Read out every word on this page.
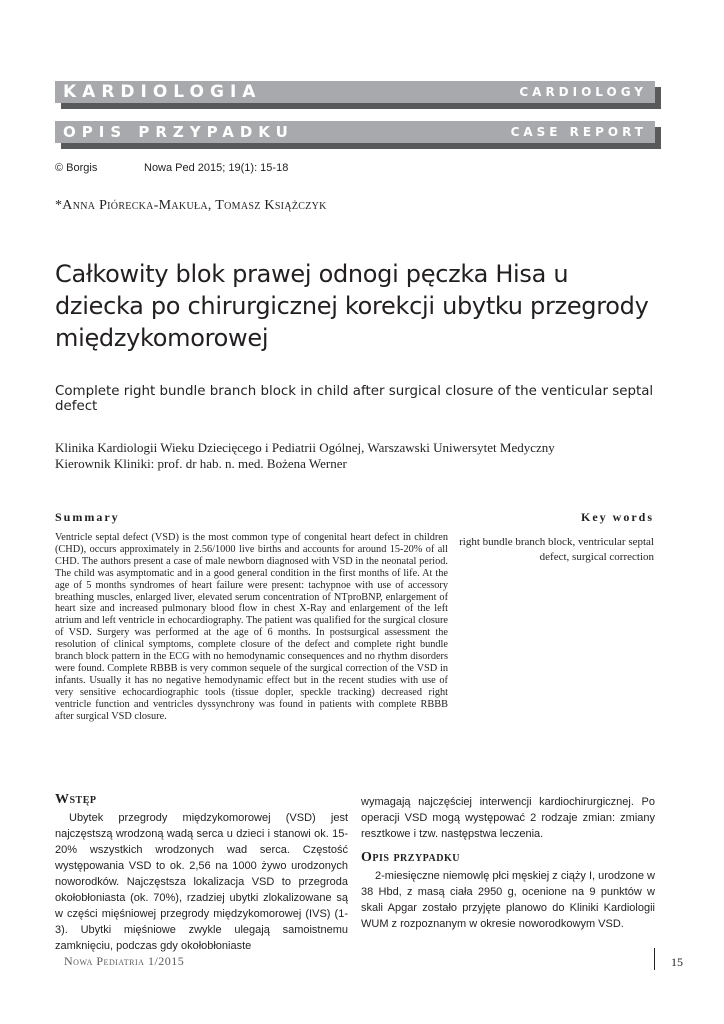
KARDIOLOGIA	CARDIOLOGY
OPIS PRZYPADKU	CASE REPORT
© Borgis	Nowa Ped 2015; 19(1): 15-18
*Anna Piórecka-Makuła, Tomasz Książczyk
Całkowity blok prawej odnogi pęczka Hisa u dziecka po chirurgicznej korekcji ubytku przegrody międzykomorowej
Complete right bundle branch block in child after surgical closure of the venticular septal defect
Klinika Kardiologii Wieku Dziecięcego i Pediatrii Ogólnej, Warszawski Uniwersytet Medyczny
Kierownik Kliniki: prof. dr hab. n. med. Bożena Werner
Summary	Key words

Ventricle septal defect (VSD) is the most common type of congenital heart defect in children (CHD), occurs approximately in 2.56/1000 live births and accounts for around 15-20% of all CHD. The authors present a case of male newborn diagnosed with VSD in the neonatal period. The child was asymptomatic and in a good general condition in the first months of life. At the age of 5 months syndromes of heart failure were present: tachypnoe with use of accessory breathing muscles, enlarged liver, elevated serum concentration of NTproBNP, enlargement of heart size and increased pulmonary blood flow in chest X-Ray and enlargement of the left atrium and left ventricle in echocardiography. The patient was qualified for the surgical closure of VSD. Surgery was performed at the age of 6 months. In postsurgical assessment the resolution of clinical symptoms, complete closure of the defect and complete right bundle branch block pattern in the ECG with no hemodynamic consequences and no rhythm disorders were found. Complete RBBB is very common sequele of the surgical correction of the VSD in infants. Usually it has no negative hemodynamic effect but in the recent studies with use of very sensitive echocardiographic tools (tissue dopler, speckle tracking) decreased right ventricle function and ventricles dyssynchrony was found in patients with complete RBBB after surgical VSD closure.

right bundle branch block, ventricular septal defect, surgical correction

Wstęp

Ubytek przegrody międzykomorowej (VSD) jest najczęstszą wrodzoną wadą serca u dzieci i stanowi ok. 15-20% wszystkich wrodzonych wad serca. Częstość występowania VSD to ok. 2,56 na 1000 żywo urodzonych noworodków. Najczęstsza lokalizacja VSD to przegroda okołobłoniasta (ok. 70%), rzadziej ubytki zlokalizowane są w części mięśniowej przegrody międzykomorowej (IVS) (1-3). Ubytki mięśniowe zwykle ulegają samoistnemu zamknięciu, podczas gdy okołobłoniaste

wymagają najczęściej interwencji kardiochirurgicznej. Po operacji VSD mogą występować 2 rodzaje zmian: zmiany resztkowe i tzw. następstwa leczenia.

Opis przypadku

2-miesięczne niemowlę płci męskiej z ciąży I, urodzone w 38 Hbd, z masą ciała 2950 g, ocenione na 9 punktów w skali Apgar zostało przyjęte planowo do Kliniki Kardiologii WUM z rozpoznanym w okresie noworodkowym VSD.

Nowa Pediatria 1/2015	15
